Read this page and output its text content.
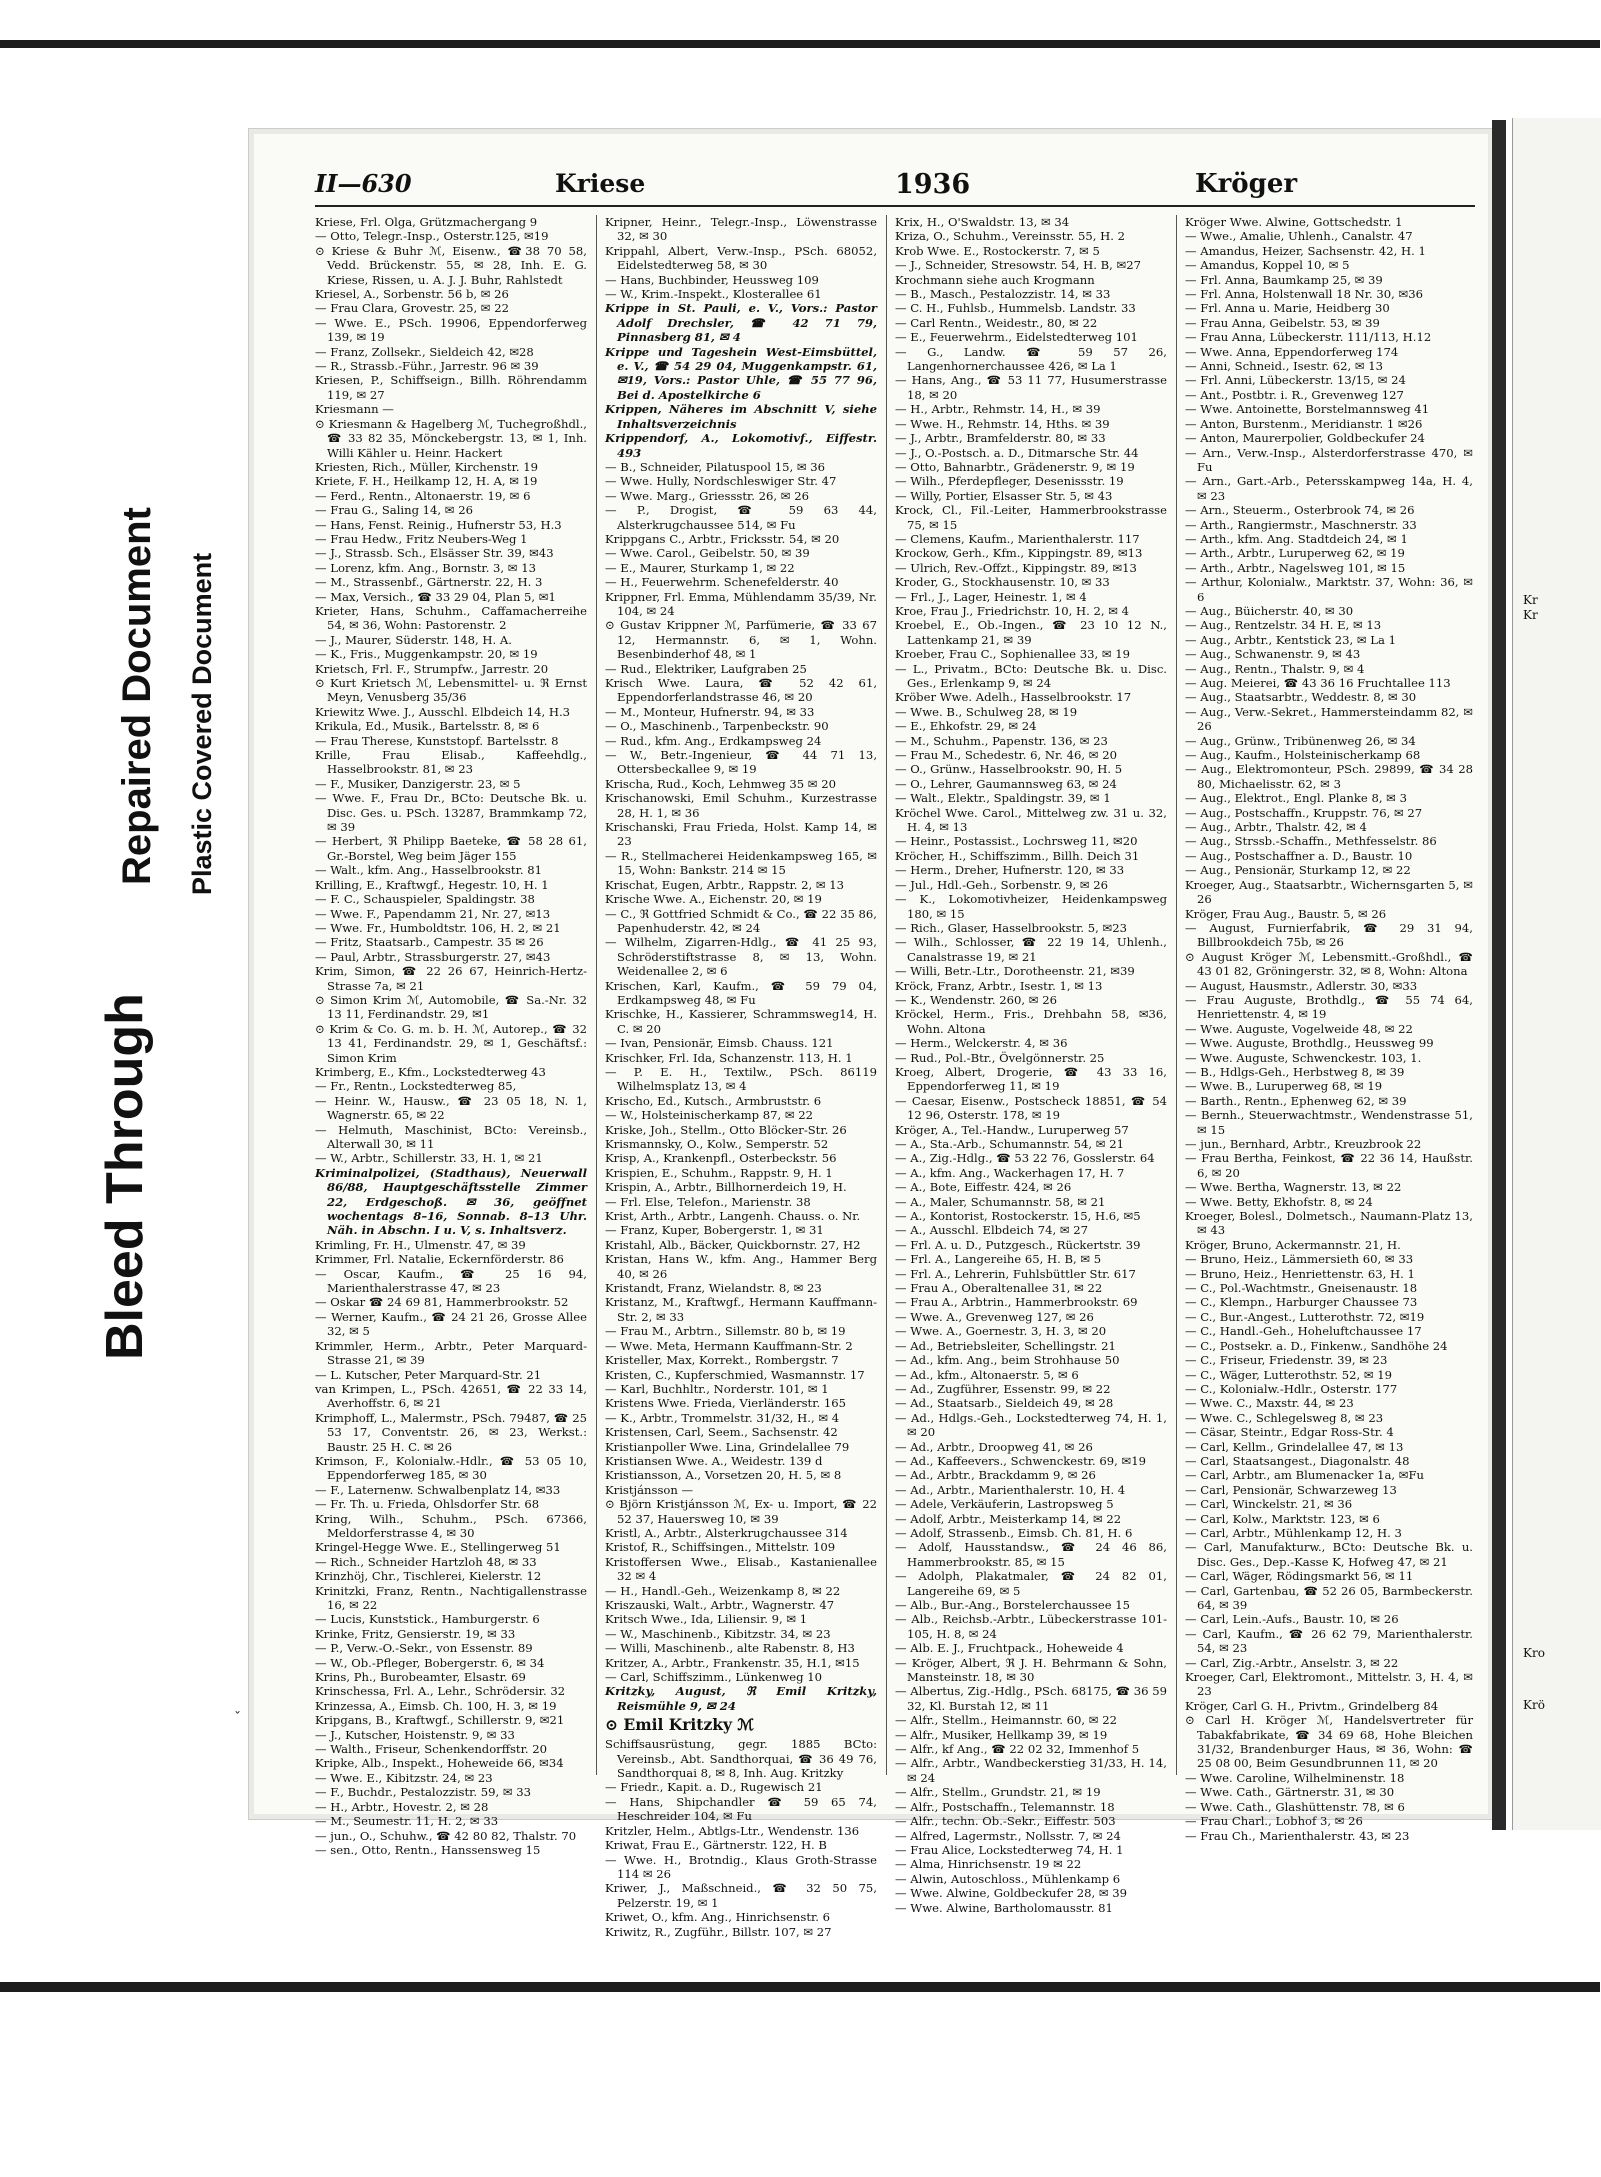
Bleed Through
Repaired Document Plastic Covered Document
II—630	Kriese	1936	Kröger

Kriese, Frl. Olga, Grützmachergang 9

— Otto, Telegr.-Insp., Osterstr.125, ✉19

⊙ Kriese & Buhr ℳ, Eisenw., ☎38 70 58, Vedd. Brückenstr. 55, ✉ 28, Inh. E. G. Kriese, Rissen, u. A. J. J. Buhr, Rahlstedt

Kriesel, A., Sorbenstr. 56 b, ✉ 26

— Frau Clara, Grovestr. 25, ✉ 22

— Wwe. E., PSch. 19906, Eppendorferweg 139, ✉ 19

— Franz, Zollsekr., Sieldeich 42, ✉28

— R., Strassb.-Führ., Jarrestr. 96 ✉ 39

Kriesen, P., Schiffseign., Billh. Röhrendamm 119, ✉ 27

Kriesmann —

⊙ Kriesmann & Hagelberg ℳ, Tuchegroßhdl., ☎ 33 82 35, Mönckebergstr. 13, ✉ 1, Inh. Willi Kähler u. Heinr. Hackert

Kriesten, Rich., Müller, Kirchenstr. 19

Kriete, F. H., Heilkamp 12, H. A, ✉ 19

— Ferd., Rentn., Altonaerstr. 19, ✉ 6

— Frau G., Saling 14, ✉ 26

— Hans, Fenst. Reinig., Hufnerstr 53, H.3

— Frau Hedw., Fritz Neubers-Weg 1

— J., Strassb. Sch., Elsässer Str. 39, ✉43

— Lorenz, kfm. Ang., Bornstr. 3, ✉ 13

— M., Strassenbf., Gärtnerstr. 22, H. 3

— Max, Versich., ☎ 33 29 04, Plan 5, ✉1

Krieter, Hans, Schuhm., Caffamacherreihe 54, ✉ 36, Wohn: Pastorenstr. 2

— J., Maurer, Süderstr. 148, H. A.

— K., Fris., Muggenkampstr. 20, ✉ 19

Krietsch, Frl. F., Strumpfw., Jarrestr. 20

⊙ Kurt Krietsch ℳ, Lebensmittel- u. ℜ Ernst Meyn, Venusberg 35/36

Kriewitz Wwe. J., Ausschl. Elbdeich 14, H.3

Krikula, Ed., Musik., Bartelsstr. 8, ✉ 6

— Frau Therese, Kunststopf. Bartelsstr. 8

Krille, Frau Elisab., Kaffeehdlg., Hasselbrookstr. 81, ✉ 23

— F., Musiker, Danzigerstr. 23, ✉ 5

— Wwe. F., Frau Dr., BCto: Deutsche Bk. u. Disc. Ges. u. PSch. 13287, Brammkamp 72, ✉ 39

— Herbert, ℜ Philipp Baeteke, ☎ 58 28 61, Gr.-Borstel, Weg beim Jäger 155

— Walt., kfm. Ang., Hasselbrookstr. 81

Krilling, E., Kraftwgf., Hegestr. 10, H. 1

— F. C., Schauspieler, Spaldingstr. 38

— Wwe. F., Papendamm 21, Nr. 27, ✉13

— Wwe. Fr., Humboldtstr. 106, H. 2, ✉ 21

— Fritz, Staatsarb., Campestr. 35 ✉ 26

— Paul, Arbtr., Strassburgerstr. 27, ✉43

Krim, Simon, ☎ 22 26 67, Heinrich-Hertz-Strasse 7a, ✉ 21

⊙ Simon Krim ℳ, Automobile, ☎ Sa.-Nr. 32 13 11, Ferdinandstr. 29, ✉1

⊙ Krim & Co. G. m. b. H. ℳ, Autorep., ☎ 32 13 41, Ferdinandstr. 29, ✉ 1, Geschäftsf.: Simon Krim

Krimberg, E., Kfm., Lockstedterweg 43

— Fr., Rentn., Lockstedterweg 85,

— Heinr. W., Hausw., ☎ 23 05 18, N. 1, Wagnerstr. 65, ✉ 22

— Helmuth, Maschinist, BCto: Vereinsb., Alterwall 30, ✉ 11

— W., Arbtr., Schillerstr. 33, H. 1, ✉ 21

Kriminalpolizei, (Stadthaus), Neuerwall 86/88, Hauptgeschäftsstelle Zimmer 22, Erdgeschoß. ✉ 36, geöffnet wochentags 8–16, Sonnab. 8–13 Uhr. Näh. in Abschn. I u. V, s. Inhaltsverz.

Krimling, Fr. H., Ulmenstr. 47, ✉ 39

Krimmer, Frl. Natalie, Eckernförderstr. 86

— Oscar, Kaufm., ☎ 25 16 94, Marienthalerstrasse 47, ✉ 23

— Oskar ☎ 24 69 81, Hammerbrookstr. 52

— Werner, Kaufm., ☎ 24 21 26, Grosse Allee 32, ✉ 5

Krimmler, Herm., Arbtr., Peter Marquard-Strasse 21, ✉ 39

— L. Kutscher, Peter Marquard-Str. 21

van Krimpen, L., PSch. 42651, ☎ 22 33 14, Averhoffstr. 6, ✉ 21

Krimphoff, L., Malermstr., PSch. 79487, ☎ 25 53 17, Conventstr. 26, ✉ 23, Werkst.: Baustr. 25 H. C. ✉ 26

Krimson, F., Kolonialw.-Hdlr., ☎ 53 05 10, Eppendorferweg 185, ✉ 30

— F., Laternenw. Schwalbenplatz 14, ✉33

— Fr. Th. u. Frieda, Ohlsdorfer Str. 68

Kring, Wilh., Schuhm., PSch. 67366, Meldorferstrasse 4, ✉ 30

Kringel-Hegge Wwe. E., Stellingerweg 51

— Rich., Schneider Hartzloh 48, ✉ 33

Krinzhöj, Chr., Tischlerei, Kielerstr. 12

Krinitzki, Franz, Rentn., Nachtigallenstrasse 16, ✉ 22

— Lucis, Kunststick., Hamburgerstr. 6

Krinke, Fritz, Gensierstr. 19, ✉ 33

— P., Verw.-O.-Sekr., von Essenstr. 89

— W., Ob.-Pfleger, Bobergerstr. 6, ✉ 34

Krins, Ph., Burobeamter, Elsastr. 69

Krinschessa, Frl. A., Lehr., Schrödersir. 32

Krinzessa, A., Eimsb. Ch. 100, H. 3, ✉ 19

Kripgans, B., Kraftwgf., Schillerstr. 9, ✉21

— J., Kutscher, Hoistenstr. 9, ✉ 33

— Walth., Friseur, Schenkendorffstr. 20

Kripke, Alb., Inspekt., Hoheweide 66, ✉34

— Wwe. E., Kibitzstr. 24, ✉ 23

— F., Buchdr., Pestalozzistr. 59, ✉ 33

— H., Arbtr., Hovestr. 2, ✉ 28

— M., Seumestr. 11, H. 2, ✉ 33

— jun., O., Schuhw., ☎ 42 80 82, Thalstr. 70

— sen., Otto, Rentn., Hanssensweg 15

Kripner, Heinr., Telegr.-Insp., Löwenstrasse 32, ✉ 30

Krippahl, Albert, Verw.-Insp., PSch. 68052, Eidelstedterweg 58, ✉ 30

— Hans, Buchbinder, Heussweg 109

— W., Krim.-Inspekt., Klosterallee 61

Krippe in St. Pauli, e. V., Vors.: Pastor Adolf Drechsler, ☎ 42 71 79, Pinnasberg 81, ✉ 4

Krippe und Tageshein West-Eimsbüttel, e. V., ☎ 54 29 04, Muggenkampstr. 61, ✉19, Vors.: Pastor Uhle, ☎ 55 77 96, Bei d. Apostelkirche 6

Krippen, Näheres im Abschnitt V, siehe Inhaltsverzeichnis

Krippendorf, A., Lokomotivf., Eiffestr. 493

— B., Schneider, Pilatuspool 15, ✉ 36

— Wwe. Hully, Nordschleswiger Str. 47

— Wwe. Marg., Griessstr. 26, ✉ 26

— P., Drogist, ☎ 59 63 44, Alsterkrugchaussee 514, ✉ Fu

Krippgans C., Arbtr., Fricksstr. 54, ✉ 20

— Wwe. Carol., Geibelstr. 50, ✉ 39

— E., Maurer, Sturkamp 1, ✉ 22

— H., Feuerwehrm. Schenefelderstr. 40

Krippner, Frl. Emma, Mühlendamm 35/39, Nr. 104, ✉ 24

⊙ Gustav Krippner ℳ, Parfümerie, ☎ 33 67 12, Hermannstr. 6, ✉ 1, Wohn. Besenbinderhof 48, ✉ 1

— Rud., Elektriker, Laufgraben 25

Krisch Wwe. Laura, ☎ 52 42 61, Eppendorferlandstrasse 46, ✉ 20

— M., Monteur, Hufnerstr. 94, ✉ 33

— O., Maschinenb., Tarpenbeckstr. 90

— Rud., kfm. Ang., Erdkampsweg 24

— W., Betr.-Ingenieur, ☎ 44 71 13, Ottersbeckallee 9, ✉ 19

Krischa, Rud., Koch, Lehmweg 35 ✉ 20

Krischanowski, Emil Schuhm., Kurzestrasse 28, H. 1, ✉ 36

Krischanski, Frau Frieda, Holst. Kamp 14, ✉ 23

— R., Stellmacherei Heidenkampsweg 165, ✉ 15, Wohn: Bankstr. 214 ✉ 15

Krischat, Eugen, Arbtr., Rappstr. 2, ✉ 13

Krische Wwe. A., Eichenstr. 20, ✉ 19

— C., ℜ Gottfried Schmidt & Co., ☎ 22 35 86, Papenhuderstr. 42, ✉ 24

— Wilhelm, Zigarren-Hdlg., ☎ 41 25 93, Schröderstiftstrasse 8, ✉ 13, Wohn. Weidenallee 2, ✉ 6

Krischen, Karl, Kaufm., ☎ 59 79 04, Erdkampsweg 48, ✉ Fu

Krischke, H., Kassierer, Schrammsweg14, H. C. ✉ 20

— Ivan, Pensionär, Eimsb. Chauss. 121

Krischker, Frl. Ida, Schanzenstr. 113, H. 1

— P. E. H., Textilw., PSch. 86119 Wilhelmsplatz 13, ✉ 4

Krischo, Ed., Kutsch., Armbruststr. 6

— W., Holsteinischerkamp 87, ✉ 22

Kriske, Joh., Stellm., Otto Blöcker-Str. 26

Krismannsky, O., Kolw., Semperstr. 52

Krisp, A., Krankenpfl., Osterbeckstr. 56

Krispien, E., Schuhm., Rappstr. 9, H. 1

Krispin, A., Arbtr., Billhornerdeich 19, H.

— Frl. Else, Telefon., Marienstr. 38

Krist, Arth., Arbtr., Langenh. Chauss. o. Nr.

— Franz, Kuper, Bobergerstr. 1, ✉ 31

Kristahl, Alb., Bäcker, Quickbornstr. 27, H2

Kristan, Hans W., kfm. Ang., Hammer Berg 40, ✉ 26

Kristandt, Franz, Wielandstr. 8, ✉ 23

Kristanz, M., Kraftwgf., Hermann Kauffmann-Str. 2, ✉ 33

— Frau M., Arbtrn., Sillemstr. 80 b, ✉ 19

— Wwe. Meta, Hermann Kauffmann-Str. 2

Kristeller, Max, Korrekt., Rombergstr. 7

Kristen, C., Kupferschmied, Wasmannstr. 17

— Karl, Buchhltr., Norderstr. 101, ✉ 1

Kristens Wwe. Frieda, Vierländerstr. 165

— K., Arbtr., Trommelstr. 31/32, H., ✉ 4

Kristensen, Carl, Seem., Sachsenstr. 42

Kristianpoller Wwe. Lina, Grindelallee 79

Kristiansen Wwe. A., Weidestr. 139 d

Kristiansson, A., Vorsetzen 20, H. 5, ✉ 8

Kristjánsson —

⊙ Björn Kristjánsson ℳ, Ex- u. Import, ☎ 22 52 37, Hauersweg 10, ✉ 39

Kristl, A., Arbtr., Alsterkrugchaussee 314

Kristof, R., Schiffsingen., Mittelstr. 109

Kristoffersen Wwe., Elisab., Kastanienallee 32 ✉ 4

— H., Handl.-Geh., Weizenkamp 8, ✉ 22

Kriszauski, Walt., Arbtr., Wagnerstr. 47

Kritsch Wwe., Ida, Liliensir. 9, ✉ 1

— W., Maschinenb., Kibitzstr. 34, ✉ 23

— Willi, Maschinenb., alte Rabenstr. 8, H3

Kritzer, A., Arbtr., Frankenstr. 35, H.1, ✉15

— Carl, Schiffszimm., Lünkenweg 10

Kritzky, August, ℜ Emil Kritzky, Reismühle 9, ✉ 24

⊙ Emil Kritzky ℳ

Schiffsausrüstung, gegr. 1885 BCto: Vereinsb., Abt. Sandthorquai, ☎ 36 49 76, Sandthorquai 8, ✉ 8, Inh. Aug. Kritzky

— Friedr., Kapit. a. D., Rugewisch 21

— Hans, Shipchandler ☎ 59 65 74, Heschreider 104, ✉ Fu

Kritzler, Helm., Abtlgs-Ltr., Wendenstr. 136

Kriwat, Frau E., Gärtnerstr. 122, H. B

— Wwe. H., Brotndig., Klaus Groth-Strasse 114 ✉ 26

Kriwer, J., Maßschneid., ☎ 32 50 75, Pelzerstr. 19, ✉ 1

Kriwet, O., kfm. Ang., Hinrichsenstr. 6

Kriwitz, R., Zugführ., Billstr. 107, ✉ 27

Krix, H., O'Swaldstr. 13, ✉ 34

Kriza, O., Schuhm., Vereinsstr. 55, H. 2

Krob Wwe. E., Rostockerstr. 7, ✉ 5

— J., Schneider, Stresowstr. 54, H. B, ✉27

Krochmann siehe auch Krogmann

— B., Masch., Pestalozzistr. 14, ✉ 33

— C. H., Fuhlsb., Hummelsb. Landstr. 33

— Carl Rentn., Weidestr., 80, ✉ 22

— E., Feuerwehrm., Eidelstedterweg 101

— G., Landw. ☎ 59 57 26, Langenhornerchaussee 426, ✉ La 1

— Hans, Ang., ☎ 53 11 77, Husumerstrasse 18, ✉ 20

— H., Arbtr., Rehmstr. 14, H., ✉ 39

— Wwe. H., Rehmstr. 14, Hths. ✉ 39

— J., Arbtr., Bramfelderstr. 80, ✉ 33

— J., O.-Postsch. a. D., Ditmarsche Str. 44

— Otto, Bahnarbtr., Grädenerstr. 9, ✉ 19

— Wilh., Pferdepfleger, Desenissstr. 19

— Willy, Portier, Elsasser Str. 5, ✉ 43

Krock, Cl., Fil.-Leiter, Hammerbrookstrasse 75, ✉ 15

— Clemens, Kaufm., Marienthalerstr. 117

Krockow, Gerh., Kfm., Kippingstr. 89, ✉13

— Ulrich, Rev.-Offzt., Kippingstr. 89, ✉13

Kroder, G., Stockhausenstr. 10, ✉ 33

— Frl., J., Lager, Heinestr. 1, ✉ 4

Kroe, Frau J., Friedrichstr. 10, H. 2, ✉ 4

Kroebel, E., Ob.-Ingen., ☎ 23 10 12 N., Lattenkamp 21, ✉ 39

Kroeber, Frau C., Sophienallee 33, ✉ 19

— L., Privatm., BCto: Deutsche Bk. u. Disc. Ges., Erlenkamp 9, ✉ 24

Kröber Wwe. Adelh., Hasselbrookstr. 17

— Wwe. B., Schulweg 28, ✉ 19

— E., Ehkofstr. 29, ✉ 24

— M., Schuhm., Papenstr. 136, ✉ 23

— Frau M., Schedestr. 6, Nr. 46, ✉ 20

— O., Grünw., Hasselbrookstr. 90, H. 5

— O., Lehrer, Gaumannsweg 63, ✉ 24

— Walt., Elektr., Spaldingstr. 39, ✉ 1

Kröchel Wwe. Carol., Mittelweg zw. 31 u. 32, H. 4, ✉ 13

— Heinr., Postassist., Lochrsweg 11, ✉20

Kröcher, H., Schiffszimm., Billh. Deich 31

— Herm., Dreher, Hufnerstr. 120, ✉ 33

— Jul., Hdl.-Geh., Sorbenstr. 9, ✉ 26

— K., Lokomotivheizer, Heidenkampsweg 180, ✉ 15

— Rich., Glaser, Hasselbrookstr. 5, ✉23

— Wilh., Schlosser, ☎ 22 19 14, Uhlenh., Canalstrasse 19, ✉ 21

— Willi, Betr.-Ltr., Dorotheenstr. 21, ✉39

Kröck, Franz, Arbtr., Isestr. 1, ✉ 13

— K., Wendenstr. 260, ✉ 26

Kröckel, Herm., Fris., Drehbahn 58, ✉36, Wohn. Altona

— Herm., Welckerstr. 4, ✉ 36

— Rud., Pol.-Btr., Övelgönnerstr. 25

Kroeg, Albert, Drogerie, ☎ 43 33 16, Eppendorferweg 11, ✉ 19

— Caesar, Eisenw., Postscheck 18851, ☎ 54 12 96, Osterstr. 178, ✉ 19

Kröger, A., Tel.-Handw., Luruperweg 57

— A., Sta.-Arb., Schumannstr. 54, ✉ 21

— A., Zig.-Hdlg., ☎ 53 22 76, Gosslerstr. 64

— A., kfm. Ang., Wackerhagen 17, H. 7

— A., Bote, Eiffestr. 424, ✉ 26

— A., Maler, Schumannstr. 58, ✉ 21

— A., Kontorist, Rostockerstr. 15, H.6, ✉5

— A., Ausschl. Elbdeich 74, ✉ 27

— Frl. A. u. D., Putzgesch., Rückertstr. 39

— Frl. A., Langereihe 65, H. B, ✉ 5

— Frl. A., Lehrerin, Fuhlsbüttler Str. 617

— Frau A., Oberaltenallee 31, ✉ 22

— Frau A., Arbtrin., Hammerbrookstr. 69

— Wwe. A., Grevenweg 127, ✉ 26

— Wwe. A., Goernestr. 3, H. 3, ✉ 20

— Ad., Betriebsleiter, Schellingstr. 21

— Ad., kfm. Ang., beim Strohhause 50

— Ad., kfm., Altonaerstr. 5, ✉ 6

— Ad., Zugführer, Essenstr. 99, ✉ 22

— Ad., Staatsarb., Sieldeich 49, ✉ 28

— Ad., Hdlgs.-Geh., Lockstedterweg 74, H. 1, ✉ 20

— Ad., Arbtr., Droopweg 41, ✉ 26

— Ad., Kaffeevers., Schwenckestr. 69, ✉19

— Ad., Arbtr., Brackdamm 9, ✉ 26

— Ad., Arbtr., Marienthalerstr. 10, H. 4

— Adele, Verkäuferin, Lastropsweg 5

— Adolf, Arbtr., Meisterkamp 14, ✉ 22

— Adolf, Strassenb., Eimsb. Ch. 81, H. 6

— Adolf, Hausstandsw., ☎ 24 46 86, Hammerbrookstr. 85, ✉ 15

— Adolph, Plakatmaler, ☎ 24 82 01, Langereihe 69, ✉ 5

— Alb., Bur.-Ang., Borstelerchaussee 15

— Alb., Reichsb.-Arbtr., Lübeckerstrasse 101-105, H. 8, ✉ 24

— Alb. E. J., Fruchtpack., Hoheweide 4

— Kröger, Albert, ℜ J. H. Behrmann & Sohn, Mansteinstr. 18, ✉ 30

— Albertus, Zig.-Hdlg., PSch. 68175, ☎ 36 59 32, Kl. Burstah 12, ✉ 11

— Alfr., Stellm., Heimannstr. 60, ✉ 22

— Alfr., Musiker, Hellkamp 39, ✉ 19

— Alfr., kf Ang., ☎ 22 02 32, Immenhof 5

— Alfr., Arbtr., Wandbeckerstieg 31/33, H. 14, ✉ 24

— Alfr., Stellm., Grundstr. 21, ✉ 19

— Alfr., Postschaffn., Telemannstr. 18

— Alfr., techn. Ob.-Sekr., Eiffestr. 503

— Alfred, Lagermstr., Nollsstr. 7, ✉ 24

— Frau Alice, Lockstedterweg 74, H. 1

— Alma, Hinrichsenstr. 19 ✉ 22

— Alwin, Autoschloss., Mühlenkamp 6

— Wwe. Alwine, Goldbeckufer 28, ✉ 39

— Wwe. Alwine, Bartholomausstr. 81

Kröger Wwe. Alwine, Gottschedstr. 1

— Wwe., Amalie, Uhlenh., Canalstr. 47

— Amandus, Heizer, Sachsenstr. 42, H. 1

— Amandus, Koppel 10, ✉ 5

— Frl. Anna, Baumkamp 25, ✉ 39

— Frl. Anna, Holstenwall 18 Nr. 30, ✉36

— Frl. Anna u. Marie, Heidberg 30

— Frau Anna, Geibelstr. 53, ✉ 39

— Frau Anna, Lübeckerstr. 111/113, H.12

— Wwe. Anna, Eppendorferweg 174

— Anni, Schneid., Isestr. 62, ✉ 13

— Frl. Anni, Lübeckerstr. 13/15, ✉ 24

— Ant., Postbtr. i. R., Grevenweg 127

— Wwe. Antoinette, Borstelmannsweg 41

— Anton, Burstenm., Meridianstr. 1 ✉26

— Anton, Maurerpolier, Goldbeckufer 24

— Arn., Verw.-Insp., Alsterdorferstrasse 470, ✉ Fu

— Arn., Gart.-Arb., Petersskampweg 14a, H. 4, ✉ 23

— Arn., Steuerm., Osterbrook 74, ✉ 26

— Arth., Rangiermstr., Maschnerstr. 33

— Arth., kfm. Ang. Stadtdeich 24, ✉ 1

— Arth., Arbtr., Luruperweg 62, ✉ 19

— Arth., Arbtr., Nagelsweg 101, ✉ 15

— Arthur, Kolonialw., Marktstr. 37, Wohn: 36, ✉ 6

— Aug., Büicherstr. 40, ✉ 30

— Aug., Rentzelstr. 34 H. E, ✉ 13

— Aug., Arbtr., Kentstick 23, ✉ La 1

— Aug., Schwanenstr. 9, ✉ 43

— Aug., Rentn., Thalstr. 9, ✉ 4

— Aug. Meierei, ☎ 43 36 16 Fruchtallee 113

— Aug., Staatsarbtr., Weddestr. 8, ✉ 30

— Aug., Verw.-Sekret., Hammersteindamm 82, ✉ 26

— Aug., Grünw., Tribünenweg 26, ✉ 34

— Aug., Kaufm., Holsteinischerkamp 68

— Aug., Elektromonteur, PSch. 29899, ☎ 34 28 80, Michaelisstr. 62, ✉ 3

— Aug., Elektrot., Engl. Planke 8, ✉ 3

— Aug., Postschaffn., Kruppstr. 76, ✉ 27

— Aug., Arbtr., Thalstr. 42, ✉ 4

— Aug., Strssb.-Schaffn., Methfesselstr. 86

— Aug., Postschaffner a. D., Baustr. 10

— Aug., Pensionär, Sturkamp 12, ✉ 22

Kroeger, Aug., Staatsarbtr., Wichernsgarten 5, ✉ 26

Kröger, Frau Aug., Baustr. 5, ✉ 26

— August, Furnierfabrik, ☎ 29 31 94, Billbrookdeich 75b, ✉ 26

⊙ August Kröger ℳ, Lebensmitt.-Großhdl., ☎ 43 01 82, Gröningerstr. 32, ✉ 8, Wohn: Altona

— August, Hausmstr., Adlerstr. 30, ✉33

— Frau Auguste, Brothdlg., ☎ 55 74 64, Henriettenstr. 4, ✉ 19

— Wwe. Auguste, Vogelweide 48, ✉ 22

— Wwe. Auguste, Brothdlg., Heussweg 99

— Wwe. Auguste, Schwenckestr. 103, 1.

— B., Hdlgs-Geh., Herbstweg 8, ✉ 39

— Wwe. B., Luruperweg 68, ✉ 19

— Barth., Rentn., Ephenweg 62, ✉ 39

— Bernh., Steuerwachtmstr., Wendenstrasse 51, ✉ 15

— jun., Bernhard, Arbtr., Kreuzbrook 22

— Frau Bertha, Feinkost, ☎ 22 36 14, Haußstr. 6, ✉ 20

— Wwe. Bertha, Wagnerstr. 13, ✉ 22

— Wwe. Betty, Ekhofstr. 8, ✉ 24

Kroeger, Bolesl., Dolmetsch., Naumann-Platz 13, ✉ 43

Kröger, Bruno, Ackermannstr. 21, H.

— Bruno, Heiz., Lämmersieth 60, ✉ 33

— Bruno, Heiz., Henriettenstr. 63, H. 1

— C., Pol.-Wachtmstr., Gneisenaustr. 18

— C., Klempn., Harburger Chaussee 73

— C., Bur.-Angest., Lutterothstr. 72, ✉19

— C., Handl.-Geh., Hoheluftchaussee 17

— C., Postsekr. a. D., Finkenw., Sandhöhe 24

— C., Friseur, Friedenstr. 39, ✉ 23

— C., Wäger, Lutterothstr. 52, ✉ 19

— C., Kolonialw.-Hdlr., Osterstr. 177

— Wwe. C., Maxstr. 44, ✉ 23

— Wwe. C., Schlegelsweg 8, ✉ 23

— Cäsar, Steintr., Edgar Ross-Str. 4

— Carl, Kellm., Grindelallee 47, ✉ 13

— Carl, Staatsangest., Diagonalstr. 48

— Carl, Arbtr., am Blumenacker 1a, ✉Fu

— Carl, Pensionär, Schwarzeweg 13

— Carl, Winckelstr. 21, ✉ 36

— Carl, Kolw., Marktstr. 123, ✉ 6

— Carl, Arbtr., Mühlenkamp 12, H. 3

— Carl, Manufakturw., BCto: Deutsche Bk. u. Disc. Ges., Dep.-Kasse K, Hofweg 47, ✉ 21

— Carl, Wäger, Rödingsmarkt 56, ✉ 11

— Carl, Gartenbau, ☎ 52 26 05, Barmbeckerstr. 64, ✉ 39

— Carl, Lein.-Aufs., Baustr. 10, ✉ 26

— Carl, Kaufm., ☎ 26 62 79, Marienthalerstr. 54, ✉ 23

— Carl, Zig.-Arbtr., Anselstr. 3, ✉ 22

Kroeger, Carl, Elektromont., Mittelstr. 3, H. 4, ✉ 23

Kröger, Carl G. H., Privtm., Grindelberg 84

⊙ Carl H. Kröger ℳ, Handelsvertreter für Tabakfabrikate, ☎ 34 69 68, Hohe Bleichen 31/32, Brandenburger Haus, ✉ 36, Wohn: ☎ 25 08 00, Beim Gesundbrunnen 11, ✉ 20

— Wwe. Caroline, Wilhelminenstr. 18

— Wwe. Cath., Gärtnerstr. 31, ✉ 30

— Wwe. Cath., Glashüttenstr. 78, ✉ 6

— Frau Charl., Lobhof 3, ✉ 26

— Frau Ch., Marienthalerstr. 43, ✉ 23

Kr
Kr
Kro
Krö
ˇ
